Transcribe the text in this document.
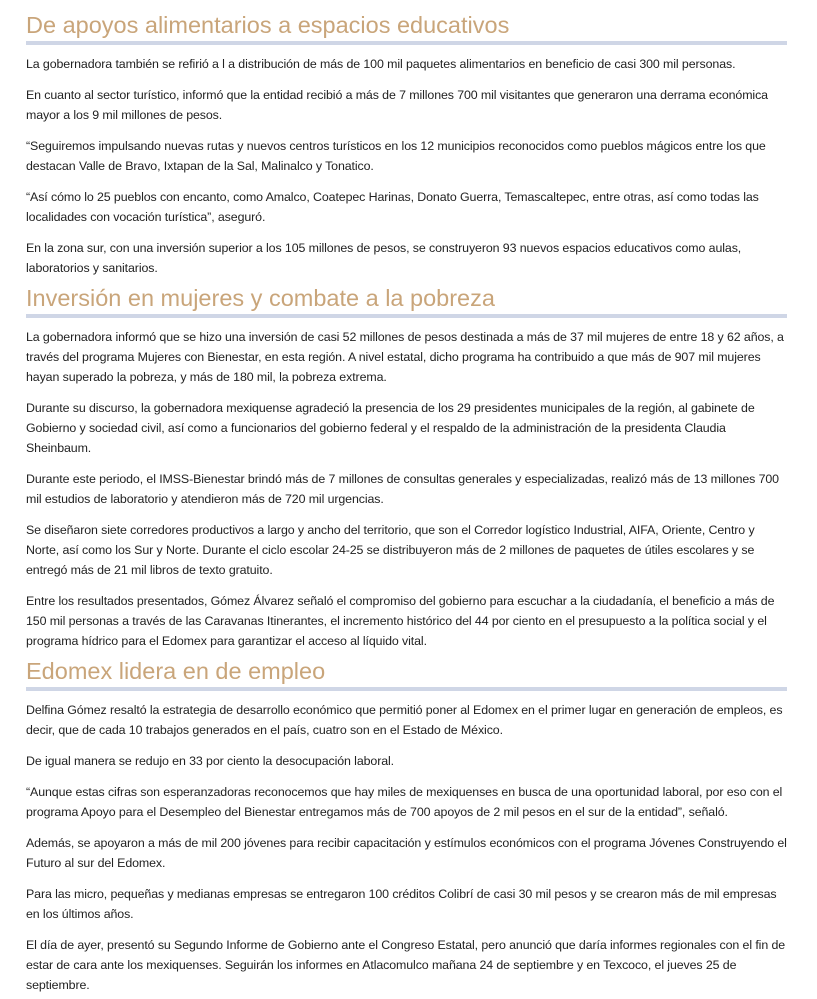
De apoyos alimentarios a espacios educativos

La gobernadora también se refirió a l a distribución de más de 100 mil paquetes alimentarios en beneficio de casi 300 mil personas.

En cuanto al sector turístico, informó que la entidad recibió a más de 7 millones 700 mil visitantes que generaron una derrama económica mayor a los 9 mil millones de pesos.

“Seguiremos impulsando nuevas rutas y nuevos centros turísticos en los 12 municipios reconocidos como pueblos mágicos entre los que destacan Valle de Bravo, Ixtapan de la Sal, Malinalco y Tonatico.

“Así cómo lo 25 pueblos con encanto, como Amalco, Coatepec Harinas, Donato Guerra, Temascaltepec, entre otras, así como todas las localidades con vocación turística”, aseguró.

En la zona sur, con una inversión superior a los 105 millones de pesos, se construyeron 93 nuevos espacios educativos como aulas, laboratorios y sanitarios.

Inversión en mujeres y combate a la pobreza

La gobernadora informó que se hizo una inversión de casi 52 millones de pesos destinada a más de 37 mil mujeres de entre 18 y 62 años, a través del programa Mujeres con Bienestar, en esta región. A nivel estatal, dicho programa ha contribuido a que más de 907 mil mujeres hayan superado la pobreza, y más de 180 mil, la pobreza extrema.

Durante su discurso, la gobernadora mexiquense agradeció la presencia de los 29 presidentes municipales de la región, al gabinete de Gobierno y sociedad civil, así como a funcionarios del gobierno federal y el respaldo de la administración de la presidenta Claudia Sheinbaum.

Durante este periodo, el IMSS-Bienestar brindó más de 7 millones de consultas generales y especializadas, realizó más de 13 millones 700 mil estudios de laboratorio y atendieron más de 720 mil urgencias.

Se diseñaron siete corredores productivos a largo y ancho del territorio, que son el Corredor logístico Industrial, AIFA, Oriente, Centro y Norte, así como los Sur y Norte. Durante el ciclo escolar 24-25 se distribuyeron más de 2 millones de paquetes de útiles escolares y se entregó más de 21 mil libros de texto gratuito.

Entre los resultados presentados, Gómez Álvarez señaló el compromiso del gobierno para escuchar a la ciudadanía, el beneficio a más de 150 mil personas a través de las Caravanas Itinerantes, el incremento histórico del 44 por ciento en el presupuesto a la política social y el programa hídrico para el Edomex para garantizar el acceso al líquido vital.

Edomex lidera en de empleo

Delfina Gómez resaltó la estrategia de desarrollo económico que permitió poner al Edomex en el primer lugar en generación de empleos, es decir, que de cada 10 trabajos generados en el país, cuatro son en el Estado de México.

De igual manera se redujo en 33 por ciento la desocupación laboral.

“Aunque estas cifras son esperanzadoras reconocemos que hay miles de mexiquenses en busca de una oportunidad laboral, por eso con el programa Apoyo para el Desempleo del Bienestar entregamos más de 700 apoyos de 2 mil pesos en el sur de la entidad”, señaló.

Además, se apoyaron a más de mil 200 jóvenes para recibir capacitación y estímulos económicos con el programa Jóvenes Construyendo el Futuro al sur del Edomex.

Para las micro, pequeñas y medianas empresas se entregaron 100 créditos Colibrí de casi 30 mil pesos y se crearon más de mil empresas en los últimos años.

El día de ayer, presentó su Segundo Informe de Gobierno ante el Congreso Estatal, pero anunció que daría informes regionales con el fin de estar de cara ante los mexiquenses. Seguirán los informes en Atlacomulco mañana 24 de septiembre y en Texcoco, el jueves 25 de septiembre.
